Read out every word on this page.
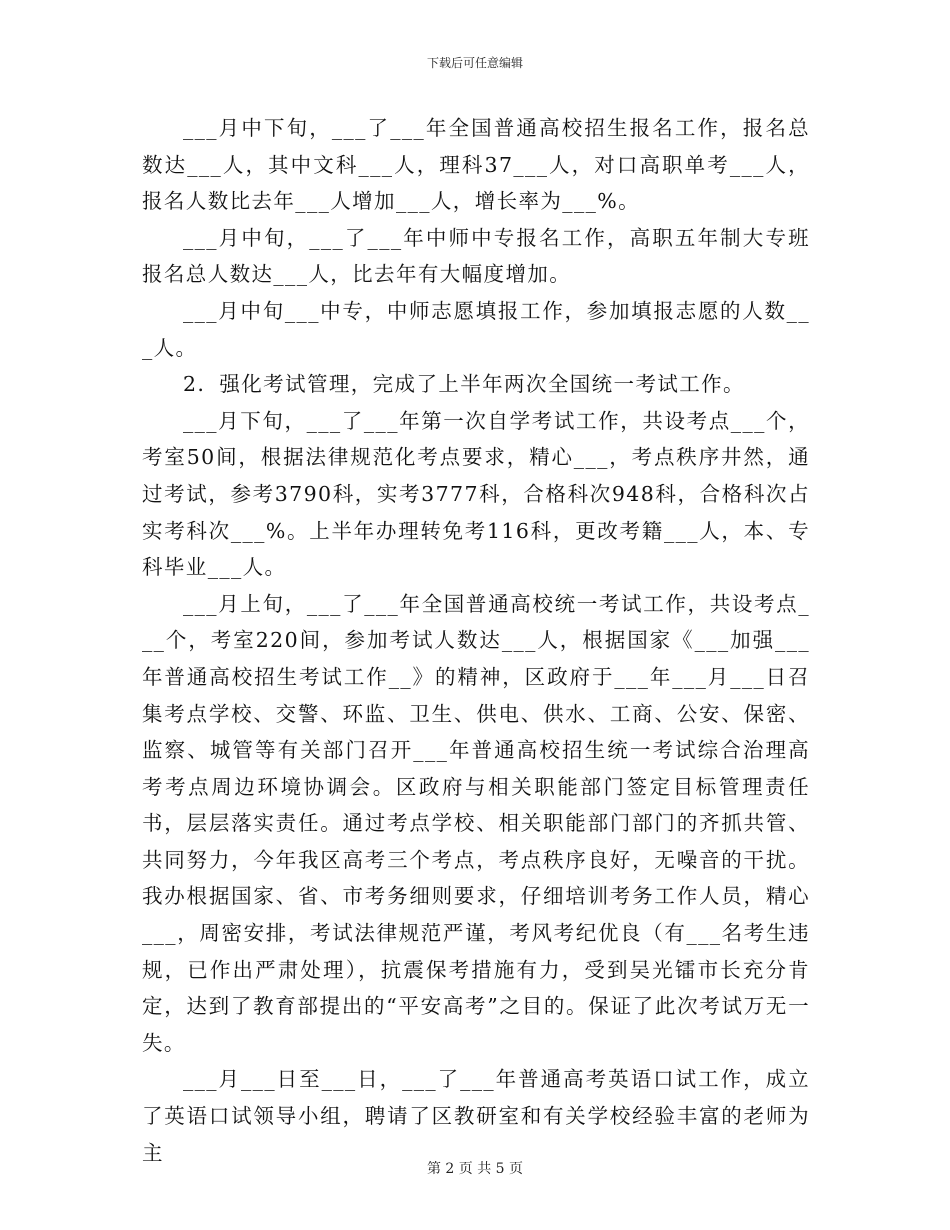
下载后可任意编辑

___月中下旬，___了___年全国普通高校招生报名工作，报名总数达___人，其中文科___人，理科37___人，对口高职单考___人，报名人数比去年___人增加___人，增长率为___%。

___月中旬，___了___年中师中专报名工作，高职五年制大专班报名总人数达___人，比去年有大幅度增加。

___月中旬___中专，中师志愿填报工作，参加填报志愿的人数___人。

2．强化考试管理，完成了上半年两次全国统一考试工作。

___月下旬，___了___年第一次自学考试工作，共设考点___个，考室50间，根据法律规范化考点要求，精心___，考点秩序井然，通过考试，参考3790科，实考3777科，合格科次948科，合格科次占实考科次___%。上半年办理转免考116科，更改考籍___人，本、专科毕业___人。

___月上旬，___了___年全国普通高校统一考试工作，共设考点___个，考室220间，参加考试人数达___人，根据国家《___加强___年普通高校招生考试工作__》的精神，区政府于___年___月___日召集考点学校、交警、环监、卫生、供电、供水、工商、公安、保密、监察、城管等有关部门召开___年普通高校招生统一考试综合治理高考考点周边环境协调会。区政府与相关职能部门签定目标管理责任书，层层落实责任。通过考点学校、相关职能部门部门的齐抓共管、共同努力，今年我区高考三个考点，考点秩序良好，无噪音的干扰。我办根据国家、省、市考务细则要求，仔细培训考务工作人员，精心___，周密安排，考试法律规范严谨，考风考纪优良（有___名考生违规，已作出严肃处理），抗震保考措施有力，受到吴光镭市长充分肯定，达到了教育部提出的“平安高考”之目的。保证了此次考试万无一失。

___月___日至___日，___了___年普通高考英语口试工作，成立了英语口试领导小组，聘请了区教研室和有关学校经验丰富的老师为主

第 2 页 共 5 页
